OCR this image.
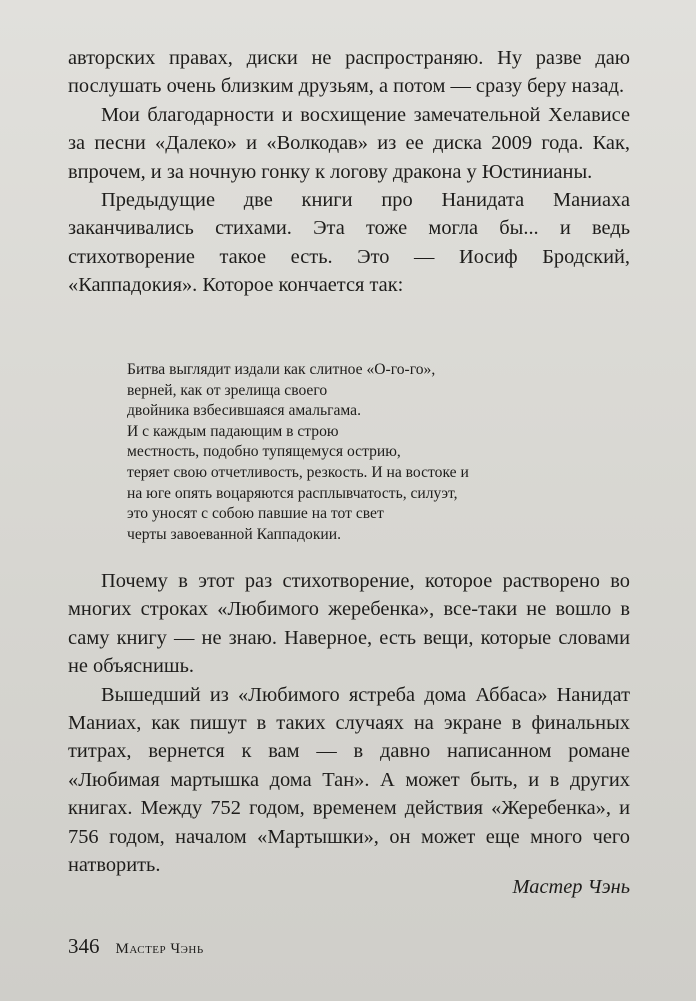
авторских правах, диски не распространяю. Ну разве даю послушать очень близким друзьям, а потом — сразу беру назад.

Мои благодарности и восхищение замечательной Хелависе за песни «Далеко» и «Волкодав» из ее диска 2009 года. Как, впрочем, и за ночную гонку к логову дракона у Юстинианы.

Предыдущие две книги про Нанидата Маниаха заканчивались стихами. Эта тоже могла бы... и ведь стихотворение такое есть. Это — Иосиф Бродский, «Каппадокия». Которое кончается так:

Битва выглядит издали как слитное «О-го-го»,
верней, как от зрелища своего
двойника взбесившаяся амальгама.
И с каждым падающим в строю
местность, подобно тупящемуся острию,
теряет свою отчетливость, резкость. И на востоке и
на юге опять воцаряются расплывчатость, силуэт,
это уносят с собою павшие на тот свет
черты завоеванной Каппадокии.

Почему в этот раз стихотворение, которое растворено во многих строках «Любимого жеребенка», все-таки не вошло в саму книгу — не знаю. Наверное, есть вещи, которые словами не объяснишь.

Вышедший из «Любимого ястреба дома Аббаса» Нанидат Маниах, как пишут в таких случаях на экране в финальных титрах, вернется к вам — в давно написанном романе «Любимая мартышка дома Тан». А может быть, и в других книгах. Между 752 годом, временем действия «Жеребенка», и 756 годом, началом «Мартышки», он может еще много чего натворить.

Мастер Чэнь
346 Мастер Чэнь
